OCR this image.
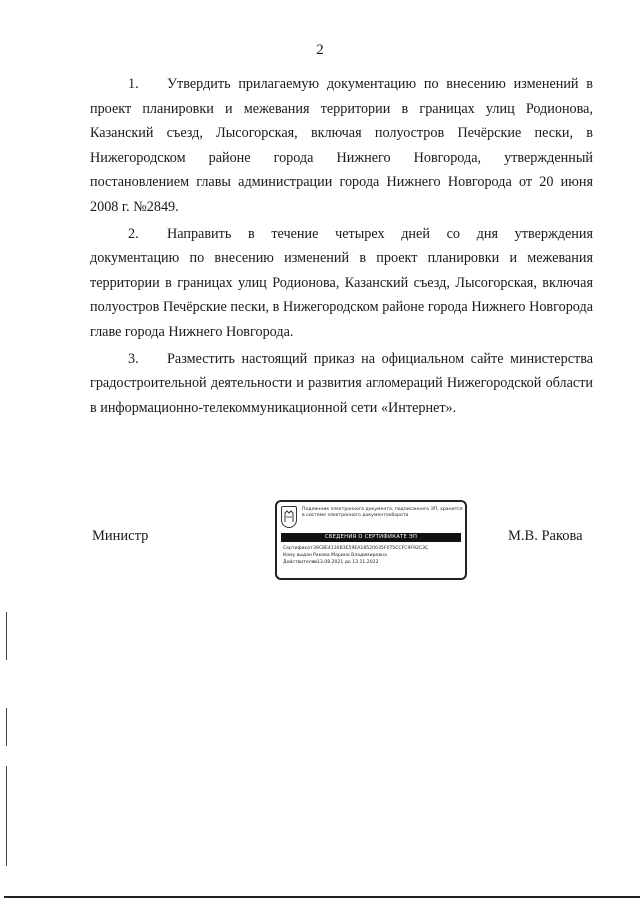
2

1. Утвердить прилагаемую документацию по внесению изменений в проект планировки и межевания территории в границах улиц Родионова, Казанский съезд, Лысогорская, включая полуостров Печёрские пески, в Нижегородском районе города Нижнего Новгорода, утвержденный постановлением главы администрации города Нижнего Новгорода от 20 июня 2008 г. №2849.

2. Направить в течение четырех дней со дня утверждения документацию по внесению изменений в проект планировки и межевания территории в границах улиц Родионова, Казанский съезд, Лысогорская, включая полуостров Печёрские пески, в Нижегородском районе города Нижнего Новгорода главе города Нижнего Новгорода.

3. Разместить настоящий приказ на официальном сайте министерства градостроительной деятельности и развития агломераций Нижегородской области в информационно-телекоммуникационной сети «Интернет».

Министр
Подлинник электронного документа, подписанного ЭП, хранится в системе электронного документооборота
СВЕДЕНИЯ О СЕРТИФИКАТЕ ЭП
Сертификат39C8E4130B3E59EA18520035F075CCFC9F92C3C
Кому выданРакова Марина Владимировна
Действителенс 13.08.2021 до 13.11.2022
М.В. Ракова
